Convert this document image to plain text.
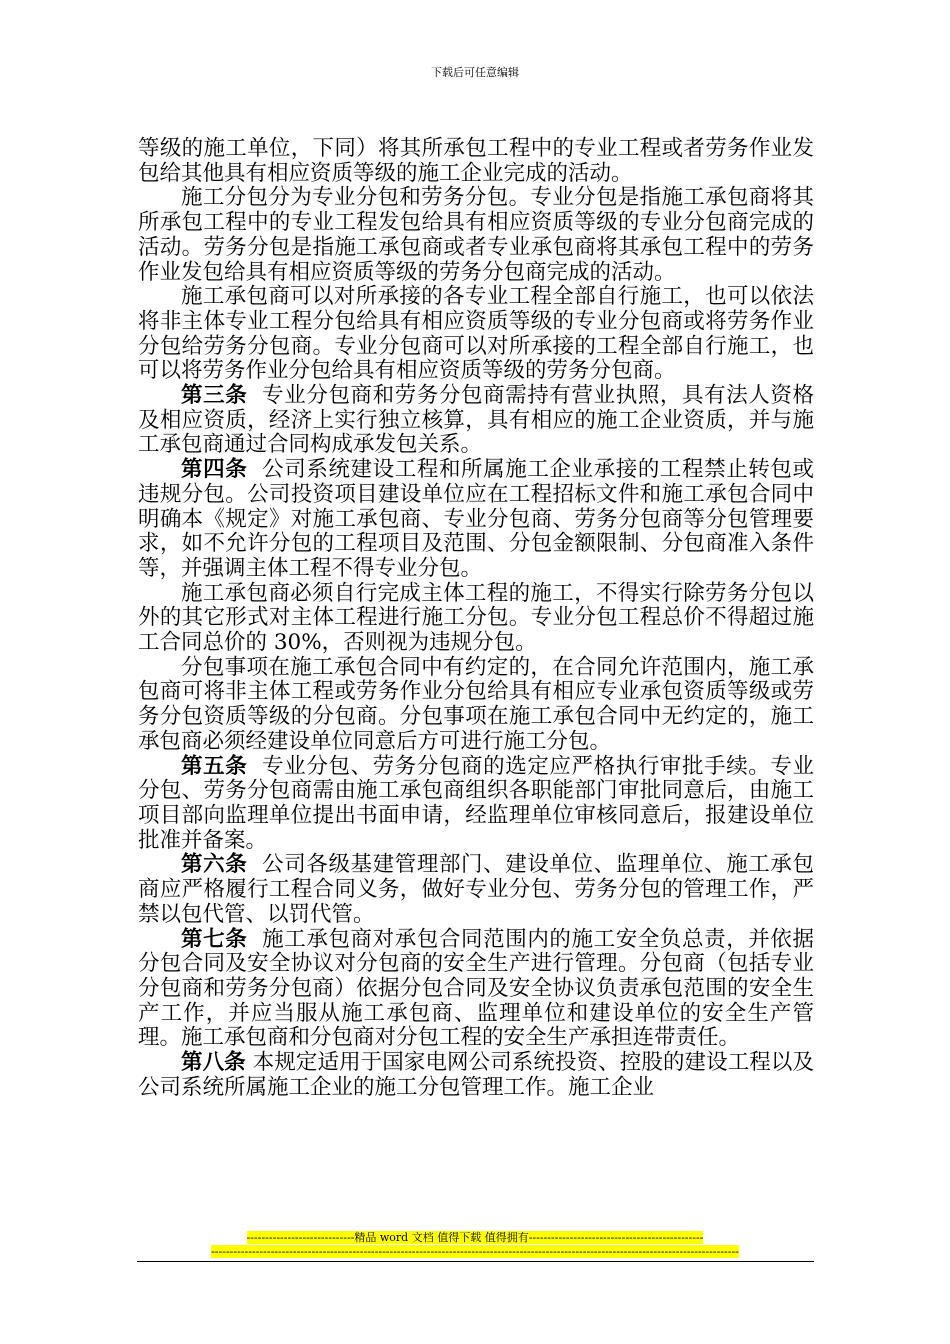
下载后可任意编辑

等级的施工单位，下同）将其所承包工程中的专业工程或者劳务作业发包给其他具有相应资质等级的施工企业完成的活动。

施工分包分为专业分包和劳务分包。专业分包是指施工承包商将其所承包工程中的专业工程发包给具有相应资质等级的专业分包商完成的活动。劳务分包是指施工承包商或者专业承包商将其承包工程中的劳务作业发包给具有相应资质等级的劳务分包商完成的活动。

施工承包商可以对所承接的各专业工程全部自行施工，也可以依法将非主体专业工程分包给具有相应资质等级的专业分包商或将劳务作业分包给劳务分包商。专业分包商可以对所承接的工程全部自行施工，也可以将劳务作业分包给具有相应资质等级的劳务分包商。

第三条 专业分包商和劳务分包商需持有营业执照，具有法人资格及相应资质，经济上实行独立核算，具有相应的施工企业资质，并与施工承包商通过合同构成承发包关系。

第四条 公司系统建设工程和所属施工企业承接的工程禁止转包或违规分包。公司投资项目建设单位应在工程招标文件和施工承包合同中明确本《规定》对施工承包商、专业分包商、劳务分包商等分包管理要求，如不允许分包的工程项目及范围、分包金额限制、分包商准入条件等，并强调主体工程不得专业分包。

施工承包商必须自行完成主体工程的施工，不得实行除劳务分包以外的其它形式对主体工程进行施工分包。专业分包工程总价不得超过施工合同总价的 30%，否则视为违规分包。

分包事项在施工承包合同中有约定的，在合同允许范围内，施工承包商可将非主体工程或劳务作业分包给具有相应专业承包资质等级或劳务分包资质等级的分包商。分包事项在施工承包合同中无约定的，施工承包商必须经建设单位同意后方可进行施工分包。

第五条 专业分包、劳务分包商的选定应严格执行审批手续。专业分包、劳务分包商需由施工承包商组织各职能部门审批同意后，由施工项目部向监理单位提出书面申请，经监理单位审核同意后，报建设单位批准并备案。

第六条 公司各级基建管理部门、建设单位、监理单位、施工承包商应严格履行工程合同义务，做好专业分包、劳务分包的管理工作，严禁以包代管、以罚代管。

第七条 施工承包商对承包合同范围内的施工安全负总责，并依据分包合同及安全协议对分包商的安全生产进行管理。分包商（包括专业分包商和劳务分包商）依据分包合同及安全协议负责承包范围的安全生产工作，并应当服从施工承包商、监理单位和建设单位的安全生产管理。施工承包商和分包商对分包工程的安全生产承担连带责任。

第八条 本规定适用于国家电网公司系统投资、控股的建设工程以及公司系统所属施工企业的施工分包管理工作。施工企业

-----------------------------精品 word 文档 值得下载 值得拥有-----------------------------------------------
----------------------------------------------------------------------------------------------------------------------------------------------
